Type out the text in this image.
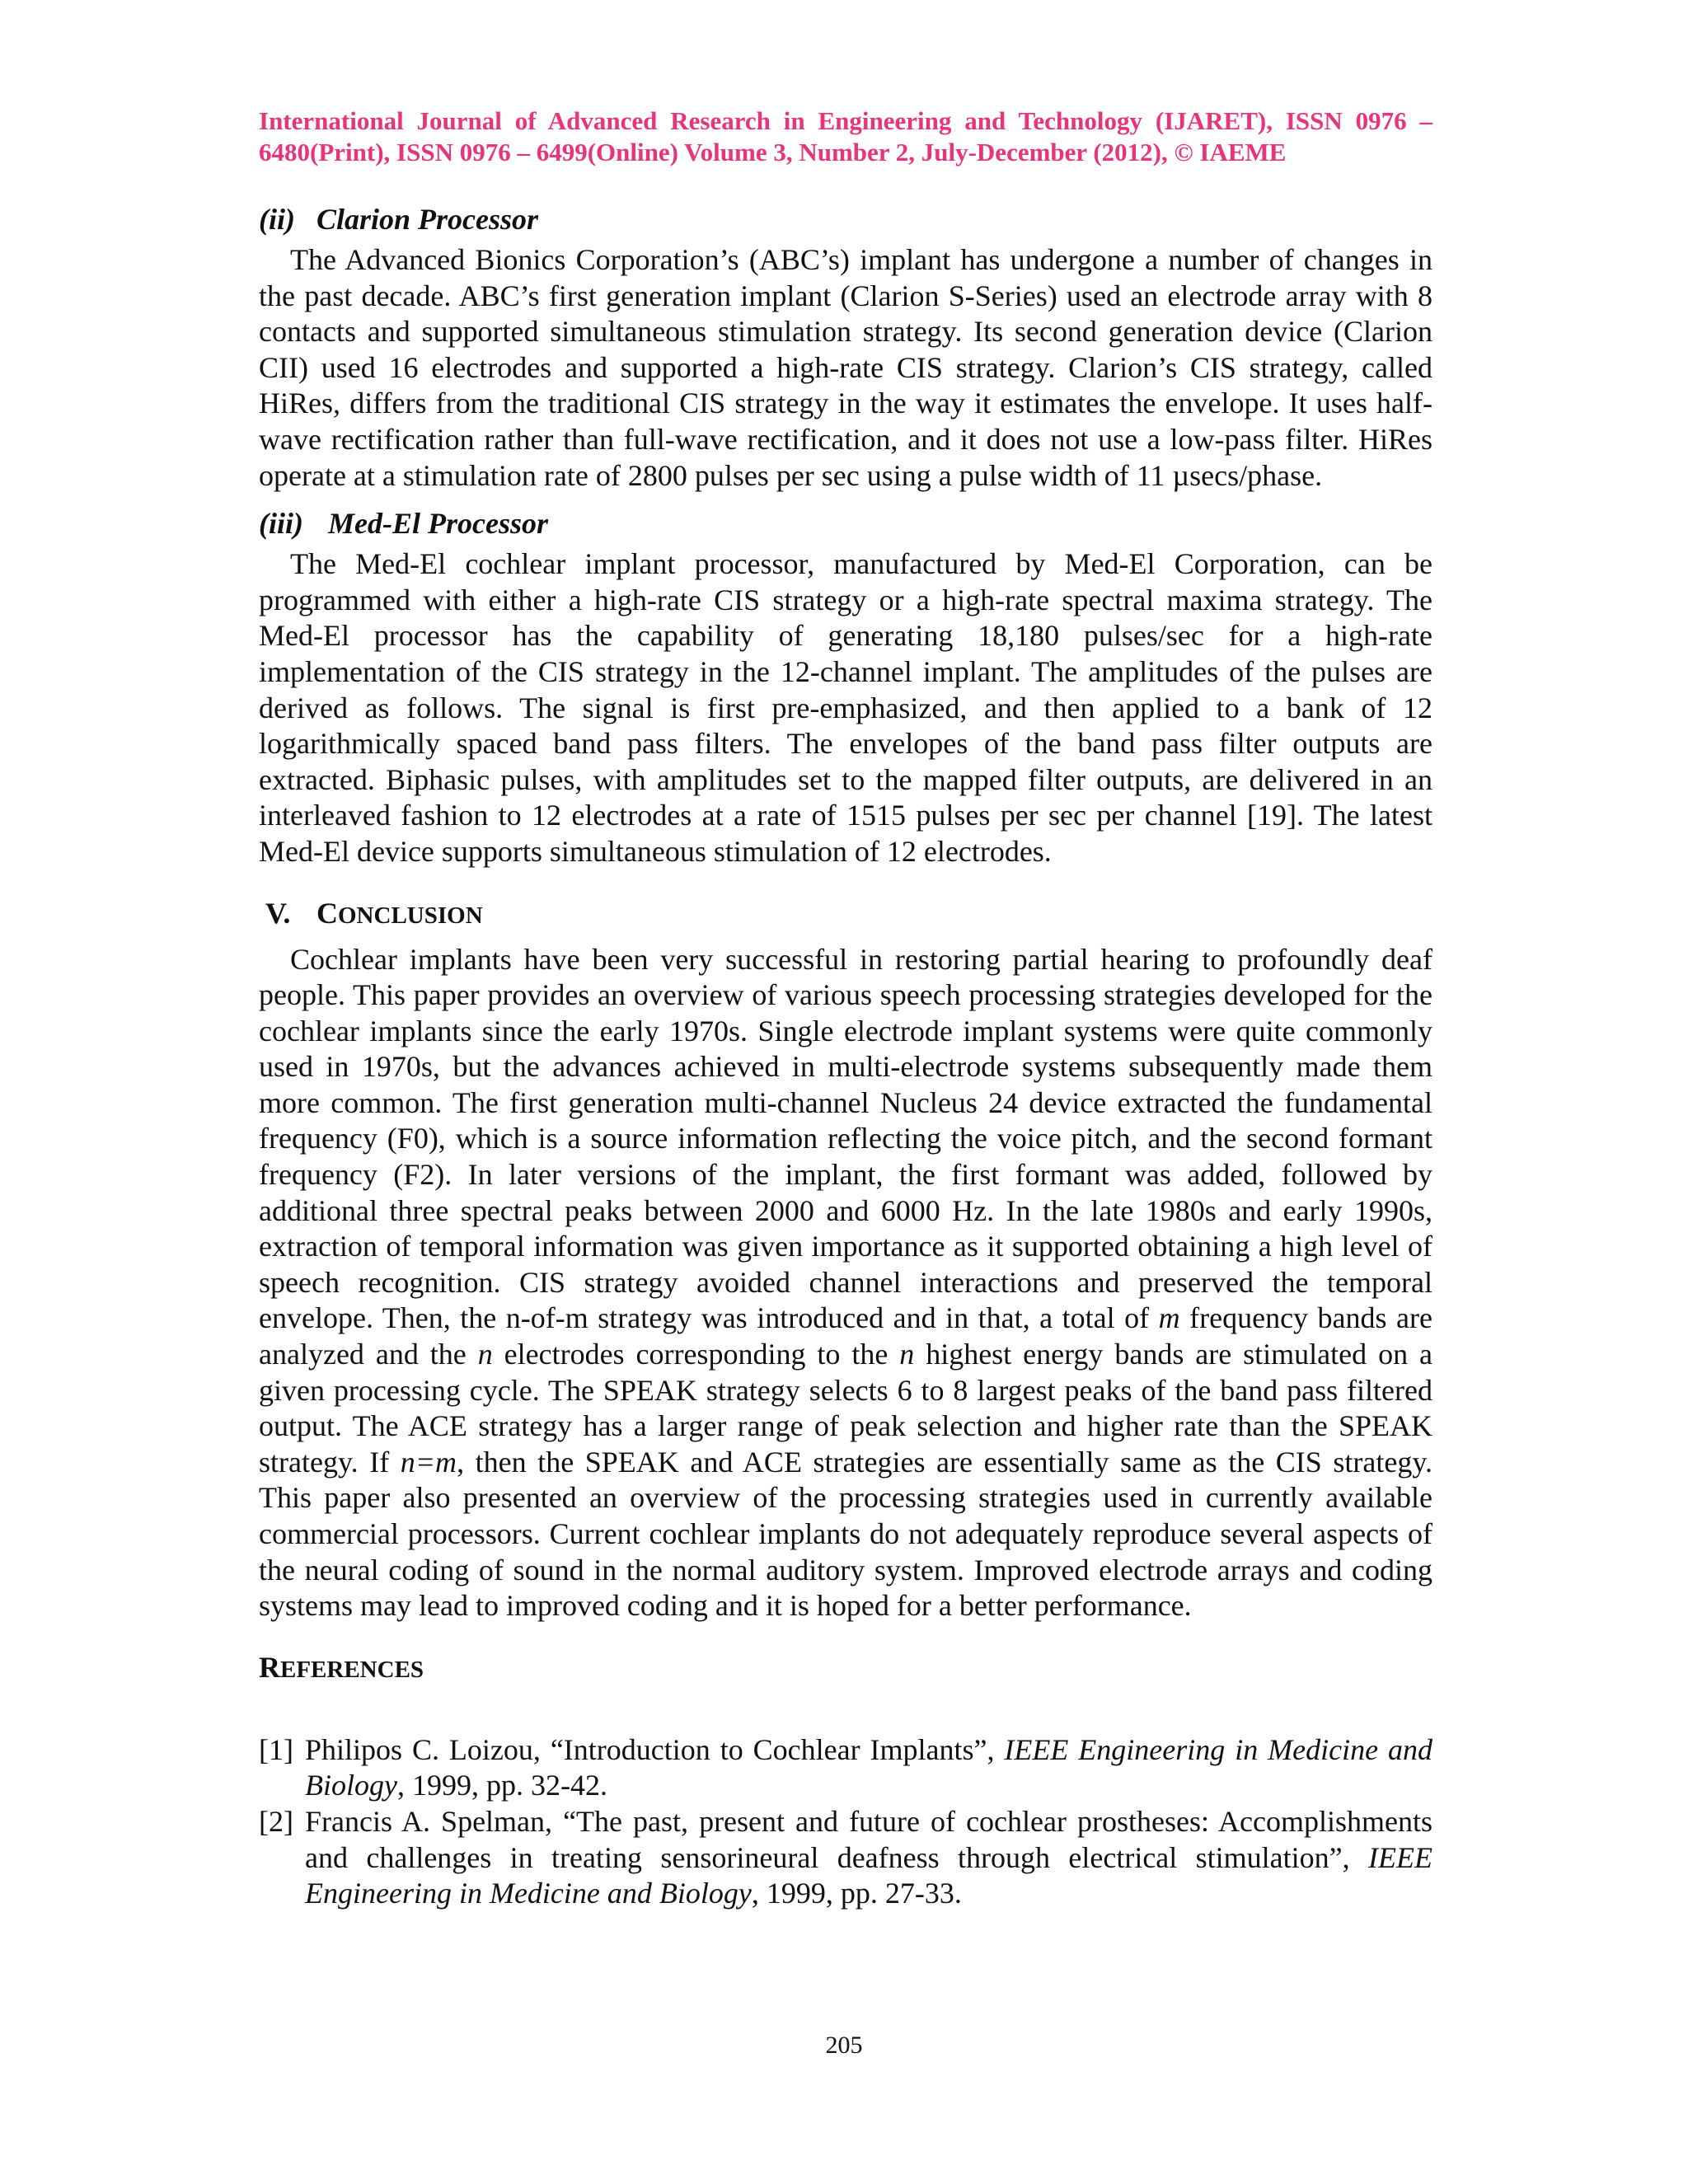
International Journal of Advanced Research in Engineering and Technology (IJARET), ISSN 0976 – 6480(Print), ISSN 0976 – 6499(Online) Volume 3, Number 2, July-December (2012), © IAEME
(ii) Clarion Processor

The Advanced Bionics Corporation’s (ABC’s) implant has undergone a number of changes in the past decade. ABC’s first generation implant (Clarion S-Series) used an electrode array with 8 contacts and supported simultaneous stimulation strategy. Its second generation device (Clarion CII) used 16 electrodes and supported a high-rate CIS strategy. Clarion’s CIS strategy, called HiRes, differs from the traditional CIS strategy in the way it estimates the envelope. It uses half-wave rectification rather than full-wave rectification, and it does not use a low-pass filter. HiRes operate at a stimulation rate of 2800 pulses per sec using a pulse width of 11 µsecs/phase.

(iii) Med-El Processor

The Med-El cochlear implant processor, manufactured by Med-El Corporation, can be programmed with either a high-rate CIS strategy or a high-rate spectral maxima strategy. The Med-El processor has the capability of generating 18,180 pulses/sec for a high-rate implementation of the CIS strategy in the 12-channel implant. The amplitudes of the pulses are derived as follows. The signal is first pre-emphasized, and then applied to a bank of 12 logarithmically spaced band pass filters. The envelopes of the band pass filter outputs are extracted. Biphasic pulses, with amplitudes set to the mapped filter outputs, are delivered in an interleaved fashion to 12 electrodes at a rate of 1515 pulses per sec per channel [19]. The latest Med-El device supports simultaneous stimulation of 12 electrodes.

V. CONCLUSION

Cochlear implants have been very successful in restoring partial hearing to profoundly deaf people. This paper provides an overview of various speech processing strategies developed for the cochlear implants since the early 1970s. Single electrode implant systems were quite commonly used in 1970s, but the advances achieved in multi-electrode systems subsequently made them more common. The first generation multi-channel Nucleus 24 device extracted the fundamental frequency (F0), which is a source information reflecting the voice pitch, and the second formant frequency (F2). In later versions of the implant, the first formant was added, followed by additional three spectral peaks between 2000 and 6000 Hz. In the late 1980s and early 1990s, extraction of temporal information was given importance as it supported obtaining a high level of speech recognition. CIS strategy avoided channel interactions and preserved the temporal envelope. Then, the n-of-m strategy was introduced and in that, a total of m frequency bands are analyzed and the n electrodes corresponding to the n highest energy bands are stimulated on a given processing cycle. The SPEAK strategy selects 6 to 8 largest peaks of the band pass filtered output. The ACE strategy has a larger range of peak selection and higher rate than the SPEAK strategy. If n=m, then the SPEAK and ACE strategies are essentially same as the CIS strategy. This paper also presented an overview of the processing strategies used in currently available commercial processors. Current cochlear implants do not adequately reproduce several aspects of the neural coding of sound in the normal auditory system. Improved electrode arrays and coding systems may lead to improved coding and it is hoped for a better performance.

REFERENCES
[1] Philipos C. Loizou, “Introduction to Cochlear Implants”, IEEE Engineering in Medicine and Biology, 1999, pp. 32-42.
[2] Francis A. Spelman, “The past, present and future of cochlear prostheses: Accomplishments and challenges in treating sensorineural deafness through electrical stimulation”, IEEE Engineering in Medicine and Biology, 1999, pp. 27-33.
205
